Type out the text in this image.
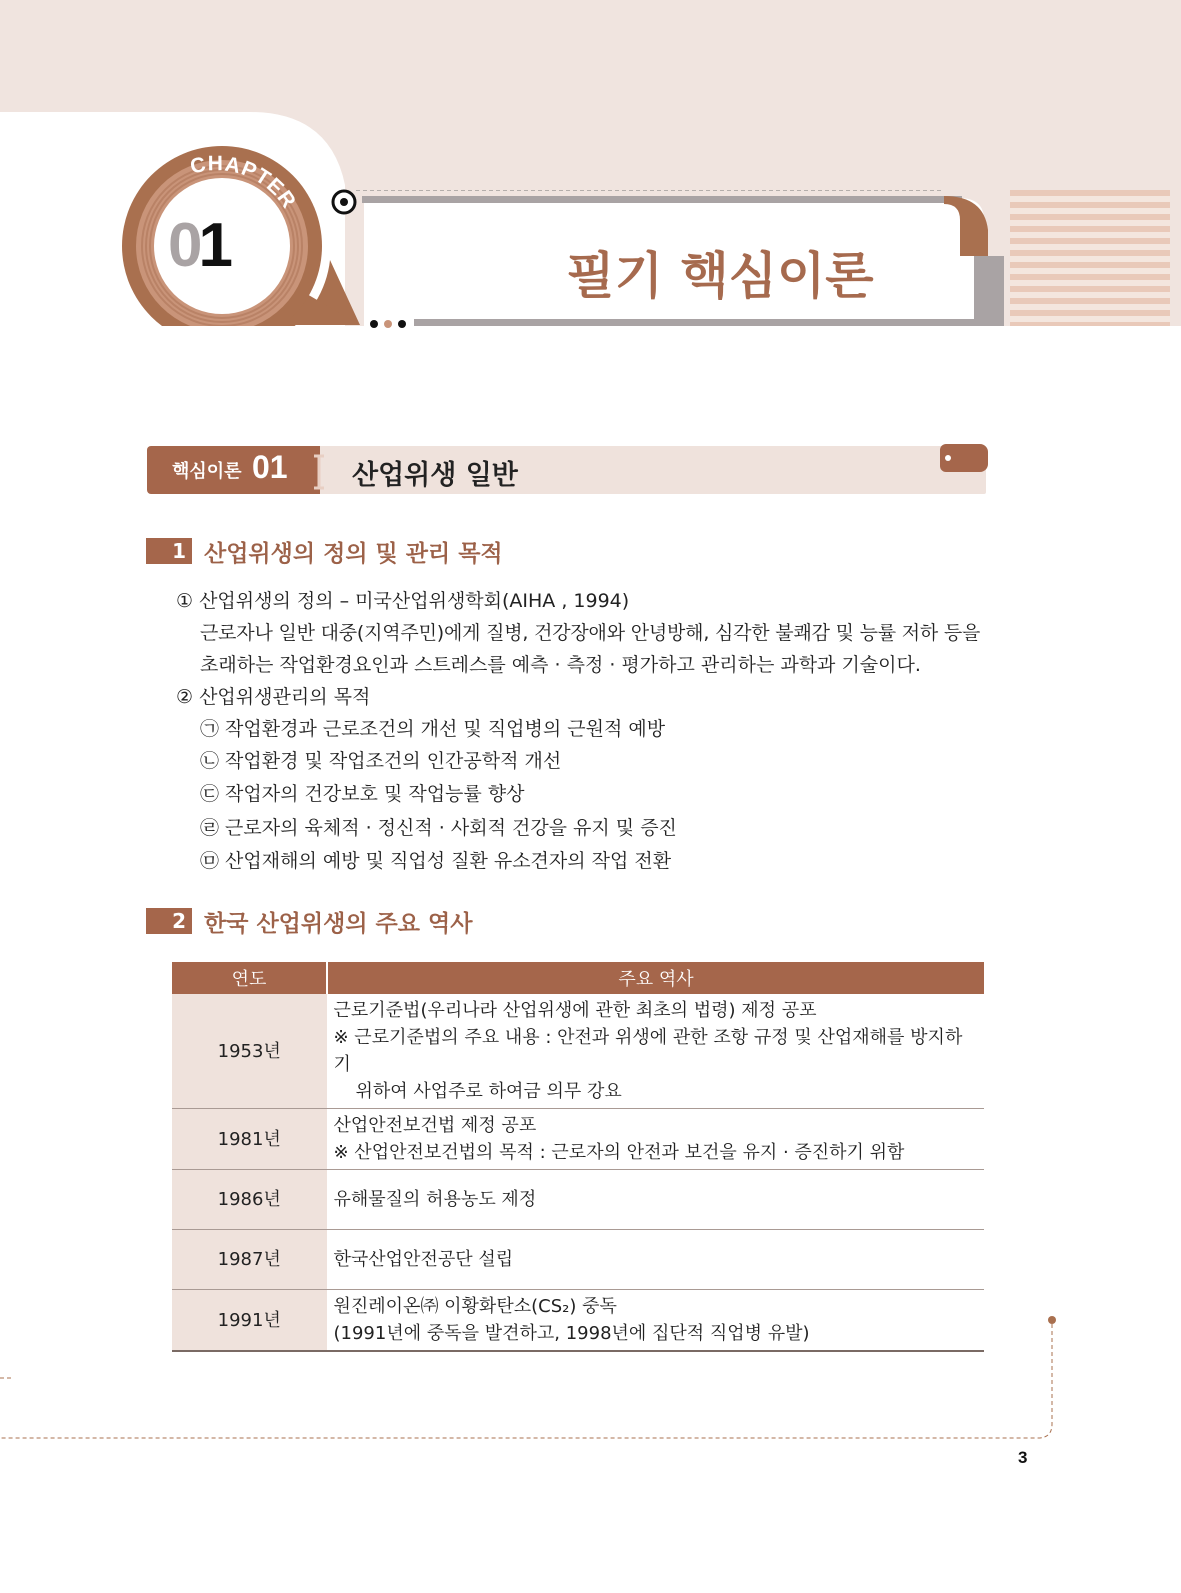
CHAPTER
01	필기 핵심이론
핵심이론 01 산업위생 일반
1 산업위생의 정의 및 관리 목적
① 산업위생의 정의 – 미국산업위생학회(AIHA , 1994)
근로자나 일반 대중(지역주민)에게 질병, 건강장애와 안녕방해, 심각한 불쾌감 및 능률 저하 등을
초래하는 작업환경요인과 스트레스를 예측 · 측정 · 평가하고 관리하는 과학과 기술이다.
② 산업위생관리의 목적
㉠ 작업환경과 근로조건의 개선 및 직업병의 근원적 예방
㉡ 작업환경 및 작업조건의 인간공학적 개선
㉢ 작업자의 건강보호 및 작업능률 향상
㉣ 근로자의 육체적 · 정신적 · 사회적 건강을 유지 및 증진
㉤ 산업재해의 예방 및 직업성 질환 유소견자의 작업 전환
2 한국 산업위생의 주요 역사
연도	주요 역사
1953년	근로기준법(우리나라 산업위생에 관한 최초의 법령) 제정 공포
※ 근로기준법의 주요 내용 : 안전과 위생에 관한 조항 규정 및 산업재해를 방지하기
위하여 사업주로 하여금 의무 강요

1981년	산업안전보건법 제정 공포
※ 산업안전보건법의 목적 : 근로자의 안전과 보건을 유지 · 증진하기 위함

1986년	유해물질의 허용농도 제정

1987년	한국산업안전공단 설립

1991년	원진레이온㈜ 이황화탄소(CS₂) 중독
(1991년에 중독을 발견하고, 1998년에 집단적 직업병 유발)
3
